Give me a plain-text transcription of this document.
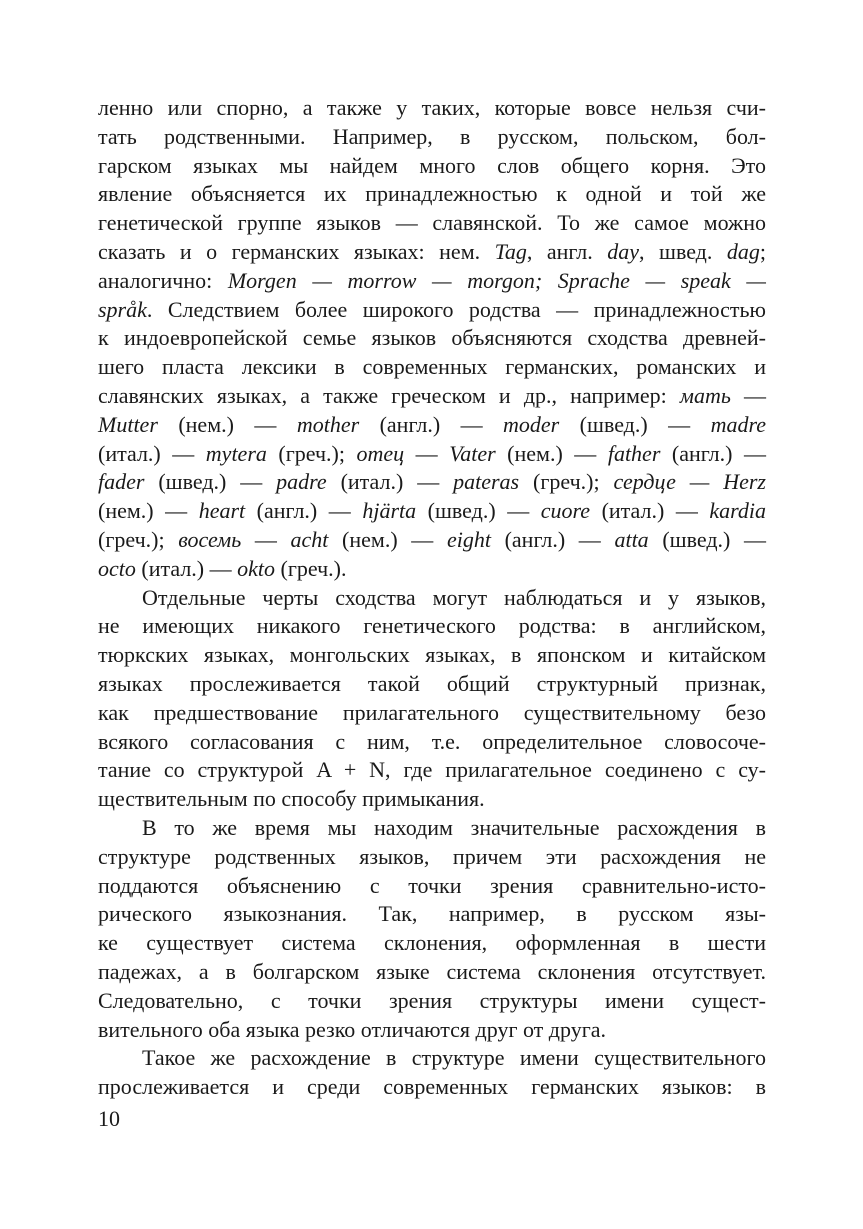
ленно или спорно, а также у таких, которые вовсе нельзя счи-
тать родственными. Например, в русском, польском, бол-
гарском языках мы найдем много слов общего корня. Это
явление объясняется их принадлежностью к одной и той же
генетической группе языков — славянской. То же самое можно
сказать и о германских языках: нем. Tag, англ. day, швед. dag;
аналогично: Morgen — morrow — morgon; Sprache — speak —
språk. Следствием более широкого родства — принадлежностью
к индоевропейской семье языков объясняются сходства древней-
шего пласта лексики в современных германских, романских и
славянских языках, а также греческом и др., например: мать —
Mutter (нем.) — mother (англ.) — moder (швед.) — madre
(итал.) — mytera (греч.); отец — Vater (нем.) — father (англ.) —
fader (швед.) — padre (итал.) — pateras (греч.); сердце — Herz
(нем.) — heart (англ.) — hjärta (швед.) — cuore (итал.) — kardia
(греч.); восемь — acht (нем.) — eight (англ.) — atta (швед.) —
octo (итал.) — okto (греч.).
Отдельные черты сходства могут наблюдаться и у языков,
не имеющих никакого генетического родства: в английском,
тюркских языках, монгольских языках, в японском и китайском
языках прослеживается такой общий структурный признак,
как предшествование прилагательного существительному безо
всякого согласования с ним, т.е. определительное словосоче-
тание со структурой A + N, где прилагательное соединено с су-
ществительным по способу примыкания.
В то же время мы находим значительные расхождения в
структуре родственных языков, причем эти расхождения не
поддаются объяснению с точки зрения сравнительно-исто-
рического языкознания. Так, например, в русском язы-
ке существует система склонения, оформленная в шести
падежах, а в болгарском языке система склонения отсутствует.
Следовательно, с точки зрения структуры имени сущест-
вительного оба языка резко отличаются друг от друга.
Такое же расхождение в структуре имени существительного
прослеживается и среди современных германских языков: в
10
